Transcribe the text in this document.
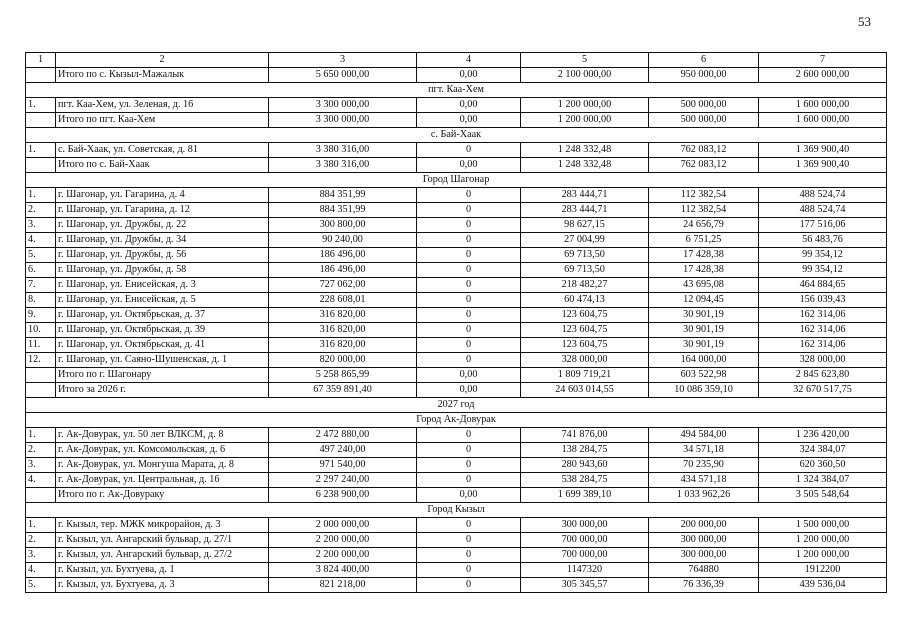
53
1	2	3	4	5	6	7
	Итого по с. Кызыл-Мажалык	5 650 000,00	0,00	2 100 000,00	950 000,00	2 600 000,00
пгт. Каа-Хем						
1.	пгт. Каа-Хем, ул. Зеленая, д. 16	3 300 000,00	0,00	1 200 000,00	500 000,00	1 600 000,00
	Итого по пгт. Каа-Хем	3 300 000,00	0,00	1 200 000,00	500 000,00	1 600 000,00
с. Бай-Хаак						
1.	с. Бай-Хаак, ул. Советская, д. 81	3 380 316,00	0	1 248 332,48	762 083,12	1 369 900,40
	Итого по с. Бай-Хаак	3 380 316,00	0,00	1 248 332,48	762 083,12	1 369 900,40
Город Шагонар						
1.	г. Шагонар, ул. Гагарина, д. 4	884 351,99	0	283 444,71	112 382,54	488 524,74
2.	г. Шагонар, ул. Гагарина, д. 12	884 351,99	0	283 444,71	112 382,54	488 524,74
3.	г. Шагонар, ул. Дружбы, д. 22	300 800,00	0	98 627,15	24 656,79	177 516,06
4.	г. Шагонар, ул. Дружбы, д. 34	90 240,00	0	27 004,99	6 751,25	56 483,76
5.	г. Шагонар, ул. Дружбы, д. 56	186 496,00	0	69 713,50	17 428,38	99 354,12
6.	г. Шагонар, ул. Дружбы, д. 58	186 496,00	0	69 713,50	17 428,38	99 354,12
7.	г. Шагонар, ул. Енисейская, д. 3	727 062,00	0	218 482,27	43 695,08	464 884,65
8.	г. Шагонар, ул. Енисейская, д. 5	228 608,01	0	60 474,13	12 094,45	156 039,43
9.	г. Шагонар, ул. Октябрьская, д. 37	316 820,00	0	123 604,75	30 901,19	162 314,06
10.	г. Шагонар, ул. Октябрьская, д. 39	316 820,00	0	123 604,75	30 901,19	162 314,06
11.	г. Шагонар, ул. Октябрьская, д. 41	316 820,00	0	123 604,75	30 901,19	162 314,06
12.	г. Шагонар, ул. Саяно-Шушенская, д. 1	820 000,00	0	328 000,00	164 000,00	328 000,00
	Итого по г. Шагонару	5 258 865,99	0,00	1 809 719,21	603 522,98	2 845 623,80
	Итого за 2026 г.	67 359 891,40	0,00	24 603 014,55	10 086 359,10	32 670 517,75
2027 год						
Город Ак-Довурак						
1.	г. Ак-Довурак, ул. 50 лет ВЛКСМ, д. 8	2 472 880,00	0	741 876,00	494 584,00	1 236 420,00
2.	г. Ак-Довурак, ул. Комсомольская, д. 6	497 240,00	0	138 284,75	34 571,18	324 384,07
3.	г. Ак-Довурак, ул. Монгуша Марата, д. 8	971 540,00	0	280 943,60	70 235,90	620 360,50
4.	г. Ак-Довурак, ул. Центральная, д. 16	2 297 240,00	0	538 284,75	434 571,18	1 324 384,07
	Итого по г. Ак-Довураку	6 238 900,00	0,00	1 699 389,10	1 033 962,26	3 505 548,64
Город Кызыл						
1.	г. Кызыл, тер. МЖК микрорайон, д. 3	2 000 000,00	0	300 000,00	200 000,00	1 500 000,00
2.	г. Кызыл, ул. Ангарский бульвар, д. 27/1	2 200 000,00	0	700 000,00	300 000,00	1 200 000,00
3.	г. Кызыл, ул. Ангарский бульвар, д. 27/2	2 200 000,00	0	700 000,00	300 000,00	1 200 000,00
4.	г. Кызыл, ул. Бухтуева, д. 1	3 824 400,00	0	1147320	764880	1912200
5.	г. Кызыл, ул. Бухтуева, д. 3	821 218,00	0	305 345,57	76 336,39	439 536,04
